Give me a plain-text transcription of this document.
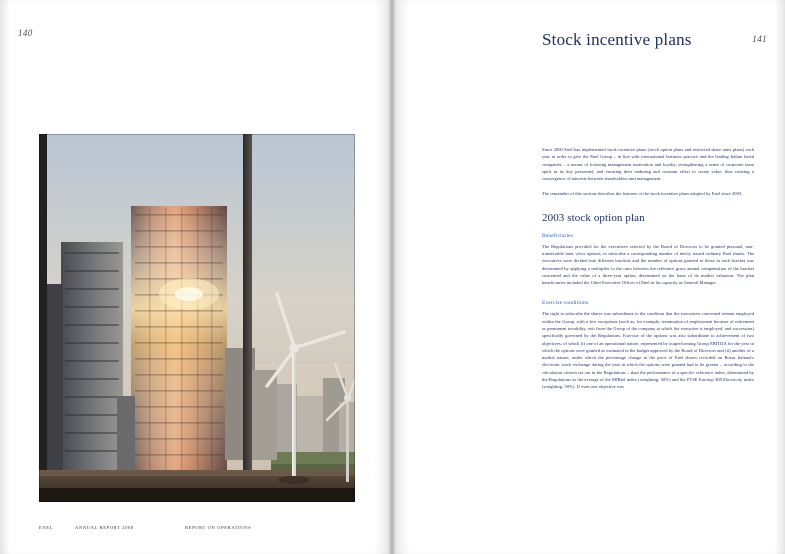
140
ENEL	ANNUAL REPORT 2008	REPORT ON OPERATIONS
Stock incentive plans	141

Since 2000 Enel has implemented stock incentive plans (stock option plans and restricted share units plans) each year in order to give the Enel Group – in line with international business practice and the leading Italian listed companies – a means of fostering management motivation and loyalty, strengthening a sense of corporate team spirit in its key personnel, and ensuring their enduring and constant effort to create value, thus creating a convergence of interests between shareholders and management.

The remainder of this section describes the features of the stock incentive plans adopted by Enel since 2003.

2003 stock option plan
Beneficiaries

The Regulations provided for the executives selected by the Board of Directors to be granted personal, non-transferable inter vivos options, to subscribe a corresponding number of newly issued ordinary Enel shares. The executives were divided into different brackets and the number of options granted to those in each bracket was determined by applying a multiplier to the ratio between the reference gross annual compensation of the bracket concerned and the value of a three-year option, determined on the basis of its market valuation. The plan beneficiaries included the Chief Executive Officer of Enel in his capacity as General Manager.

Exercise conditions

The right to subscribe the shares was subordinate to the condition that the executives concerned remain employed within the Group, with a few exceptions (such as, for example, termination of employment because of retirement or permanent invalidity, exit from the Group of the company at which the executive is employed, and succession) specifically governed by the Regulations. Exercise of the options was also subordinate to achievement of two objectives, of which (i) one of an operational nature, represented by outperforming Group EBITDA for the year in which the options were granted as estimated in the budget approved by the Board of Directors and (ii) another of a market nature, under which the percentage change in the price of Enel shares recorded on Borsa Italiana's electronic stock exchange during the year in which the options were granted had to be greater – according to the calculation criteria set out in the Regulations – than the performance of a specific reference index, determined by the Regulations as the average of the MIBtel index (weighting: 50%) and the FTSE Eurotop 300 Electricity index (weighting: 50%). If even one objective was
